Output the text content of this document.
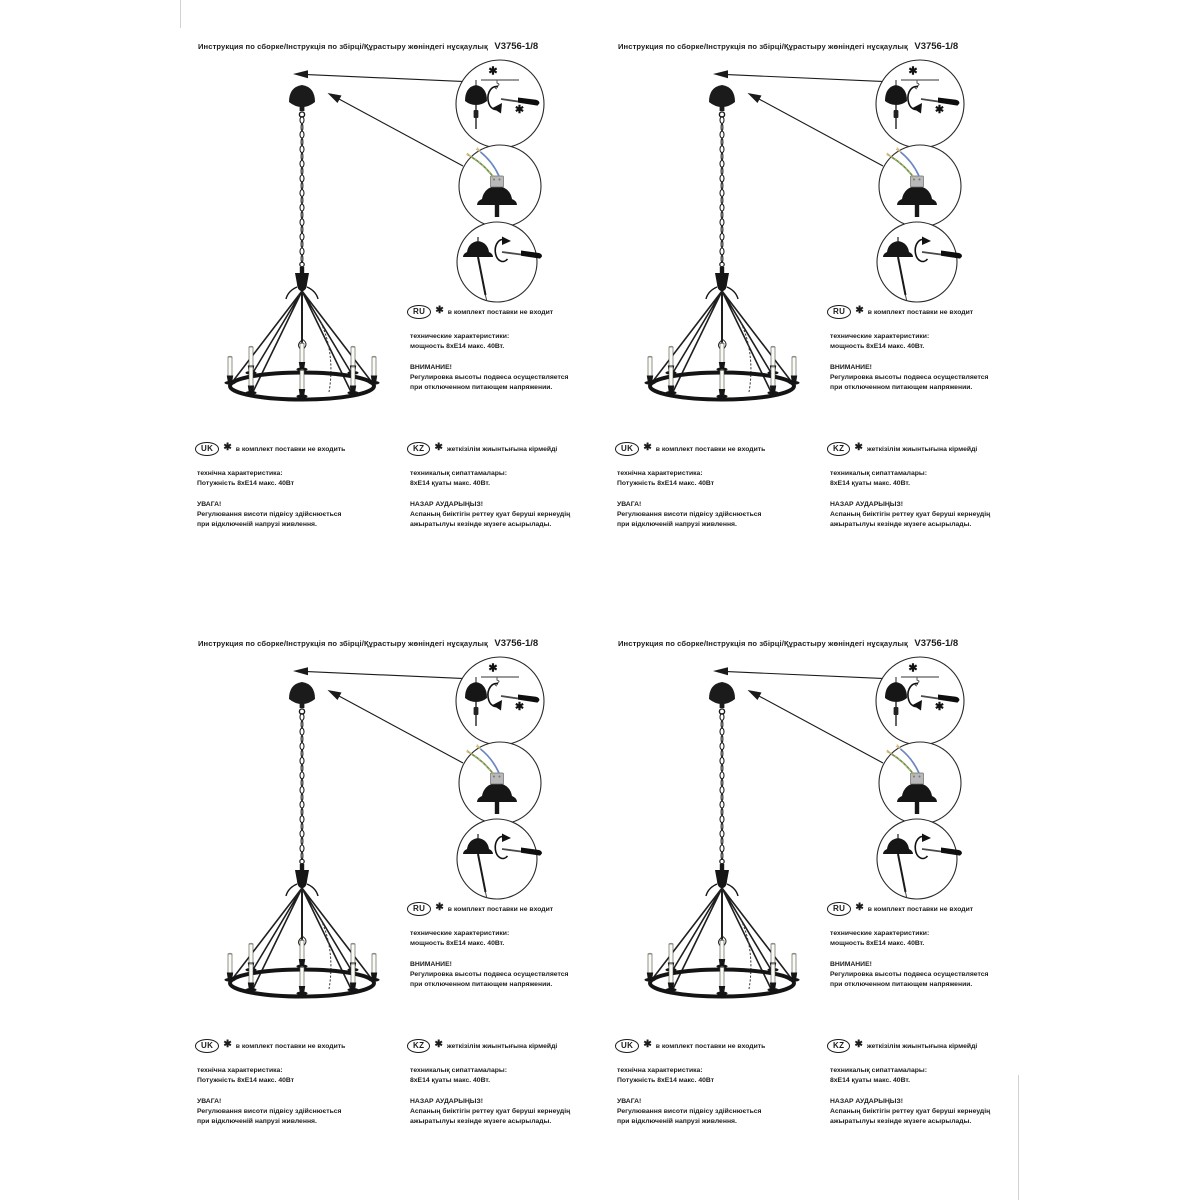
✱
✱
Инструкция по сборке/Інструкція по збірці/Құрастыру жөніндегі нұсқаулық V3756-1/8
RU	✱ в комплект поставки не входит
технические характеристики:
мощность 8хЕ14 макс. 40Вт.
ВНИМАНИЕ!
Регулировка высоты подвеса осуществляется
при отключенном питающем напряжении.
UK	✱ в комплект поставки не входить
технічна характеристика:
Потужність 8хЕ14 макс. 40Вт
УВАГА!
Регулювання висоти підвісу здійснюється
при відключеній напрузі живлення.
KZ	✱ жеткізілім жиынтығына кірмейді
техникалық сипаттамалары:
8хЕ14 қуаты макс. 40Вт.
НАЗАР АУДАРЫҢЫЗ!
Аспаның биіктігін реттеу қуат беруші кернеудің
ажыратылуы кезінде жүзеге асырылады.
✱
✱
Инструкция по сборке/Інструкція по збірці/Құрастыру жөніндегі нұсқаулық V3756-1/8
RU	✱ в комплект поставки не входит
технические характеристики:
мощность 8хЕ14 макс. 40Вт.
ВНИМАНИЕ!
Регулировка высоты подвеса осуществляется
при отключенном питающем напряжении.
UK	✱ в комплект поставки не входить
технічна характеристика:
Потужність 8хЕ14 макс. 40Вт
УВАГА!
Регулювання висоти підвісу здійснюється
при відключеній напрузі живлення.
KZ	✱ жеткізілім жиынтығына кірмейді
техникалық сипаттамалары:
8хЕ14 қуаты макс. 40Вт.
НАЗАР АУДАРЫҢЫЗ!
Аспаның биіктігін реттеу қуат беруші кернеудің
ажыратылуы кезінде жүзеге асырылады.
✱
✱
Инструкция по сборке/Інструкція по збірці/Құрастыру жөніндегі нұсқаулық V3756-1/8
RU	✱ в комплект поставки не входит
технические характеристики:
мощность 8хЕ14 макс. 40Вт.
ВНИМАНИЕ!
Регулировка высоты подвеса осуществляется
при отключенном питающем напряжении.
UK	✱ в комплект поставки не входить
технічна характеристика:
Потужність 8хЕ14 макс. 40Вт
УВАГА!
Регулювання висоти підвісу здійснюється
при відключеній напрузі живлення.
KZ	✱ жеткізілім жиынтығына кірмейді
техникалық сипаттамалары:
8хЕ14 қуаты макс. 40Вт.
НАЗАР АУДАРЫҢЫЗ!
Аспаның биіктігін реттеу қуат беруші кернеудің
ажыратылуы кезінде жүзеге асырылады.
✱
✱
Инструкция по сборке/Інструкція по збірці/Құрастыру жөніндегі нұсқаулық V3756-1/8
RU	✱ в комплект поставки не входит
технические характеристики:
мощность 8хЕ14 макс. 40Вт.
ВНИМАНИЕ!
Регулировка высоты подвеса осуществляется
при отключенном питающем напряжении.
UK	✱ в комплект поставки не входить
технічна характеристика:
Потужність 8хЕ14 макс. 40Вт
УВАГА!
Регулювання висоти підвісу здійснюється
при відключеній напрузі живлення.
KZ	✱ жеткізілім жиынтығына кірмейді
техникалық сипаттамалары:
8хЕ14 қуаты макс. 40Вт.
НАЗАР АУДАРЫҢЫЗ!
Аспаның биіктігін реттеу қуат беруші кернеудің
ажыратылуы кезінде жүзеге асырылады.
